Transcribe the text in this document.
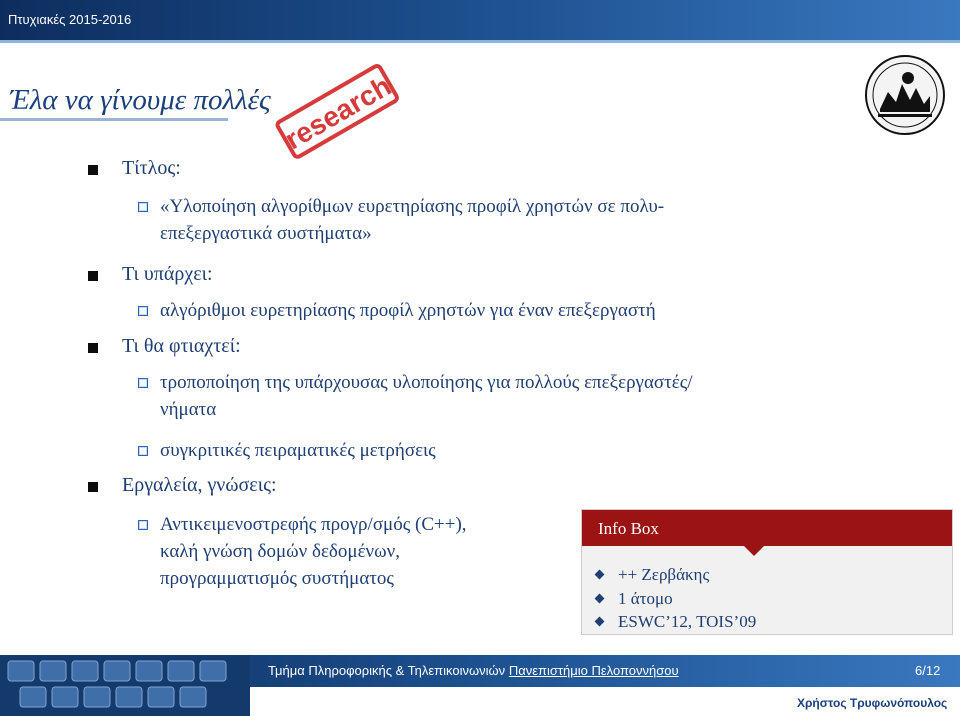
Πτυχιακές 2015-2016
Έλα να γίνουμε πολλές research
Τίτλος:
«Υλοποίηση αλγορίθμων ευρετηρίασης προφίλ χρηστών σε πολυ-
επεξεργαστικά συστήματα»
Τι υπάρχει:
αλγόριθμοι ευρετηρίασης προφίλ χρηστών για έναν επεξεργαστή
Τι θα φτιαχτεί:
τροποποίηση της υπάρχουσας υλοποίησης για πολλούς επεξεργαστές/
νήματα
συγκριτικές πειραματικές μετρήσεις
Εργαλεία, γνώσεις:
Αντικειμενοστρεφής προγρ/σμός (C++),
καλή γνώση δομών δεδομένων,
προγραμματισμός συστήματος
Info Box
++ Ζερβάκης
1 άτομο
ESWC’12, TOIS’09
Τμήμα Πληροφορικής & Τηλεπικοινωνιών Πανεπιστήμιο Πελοποννήσου	6/12
Χρήστος Τρυφωνόπουλος
